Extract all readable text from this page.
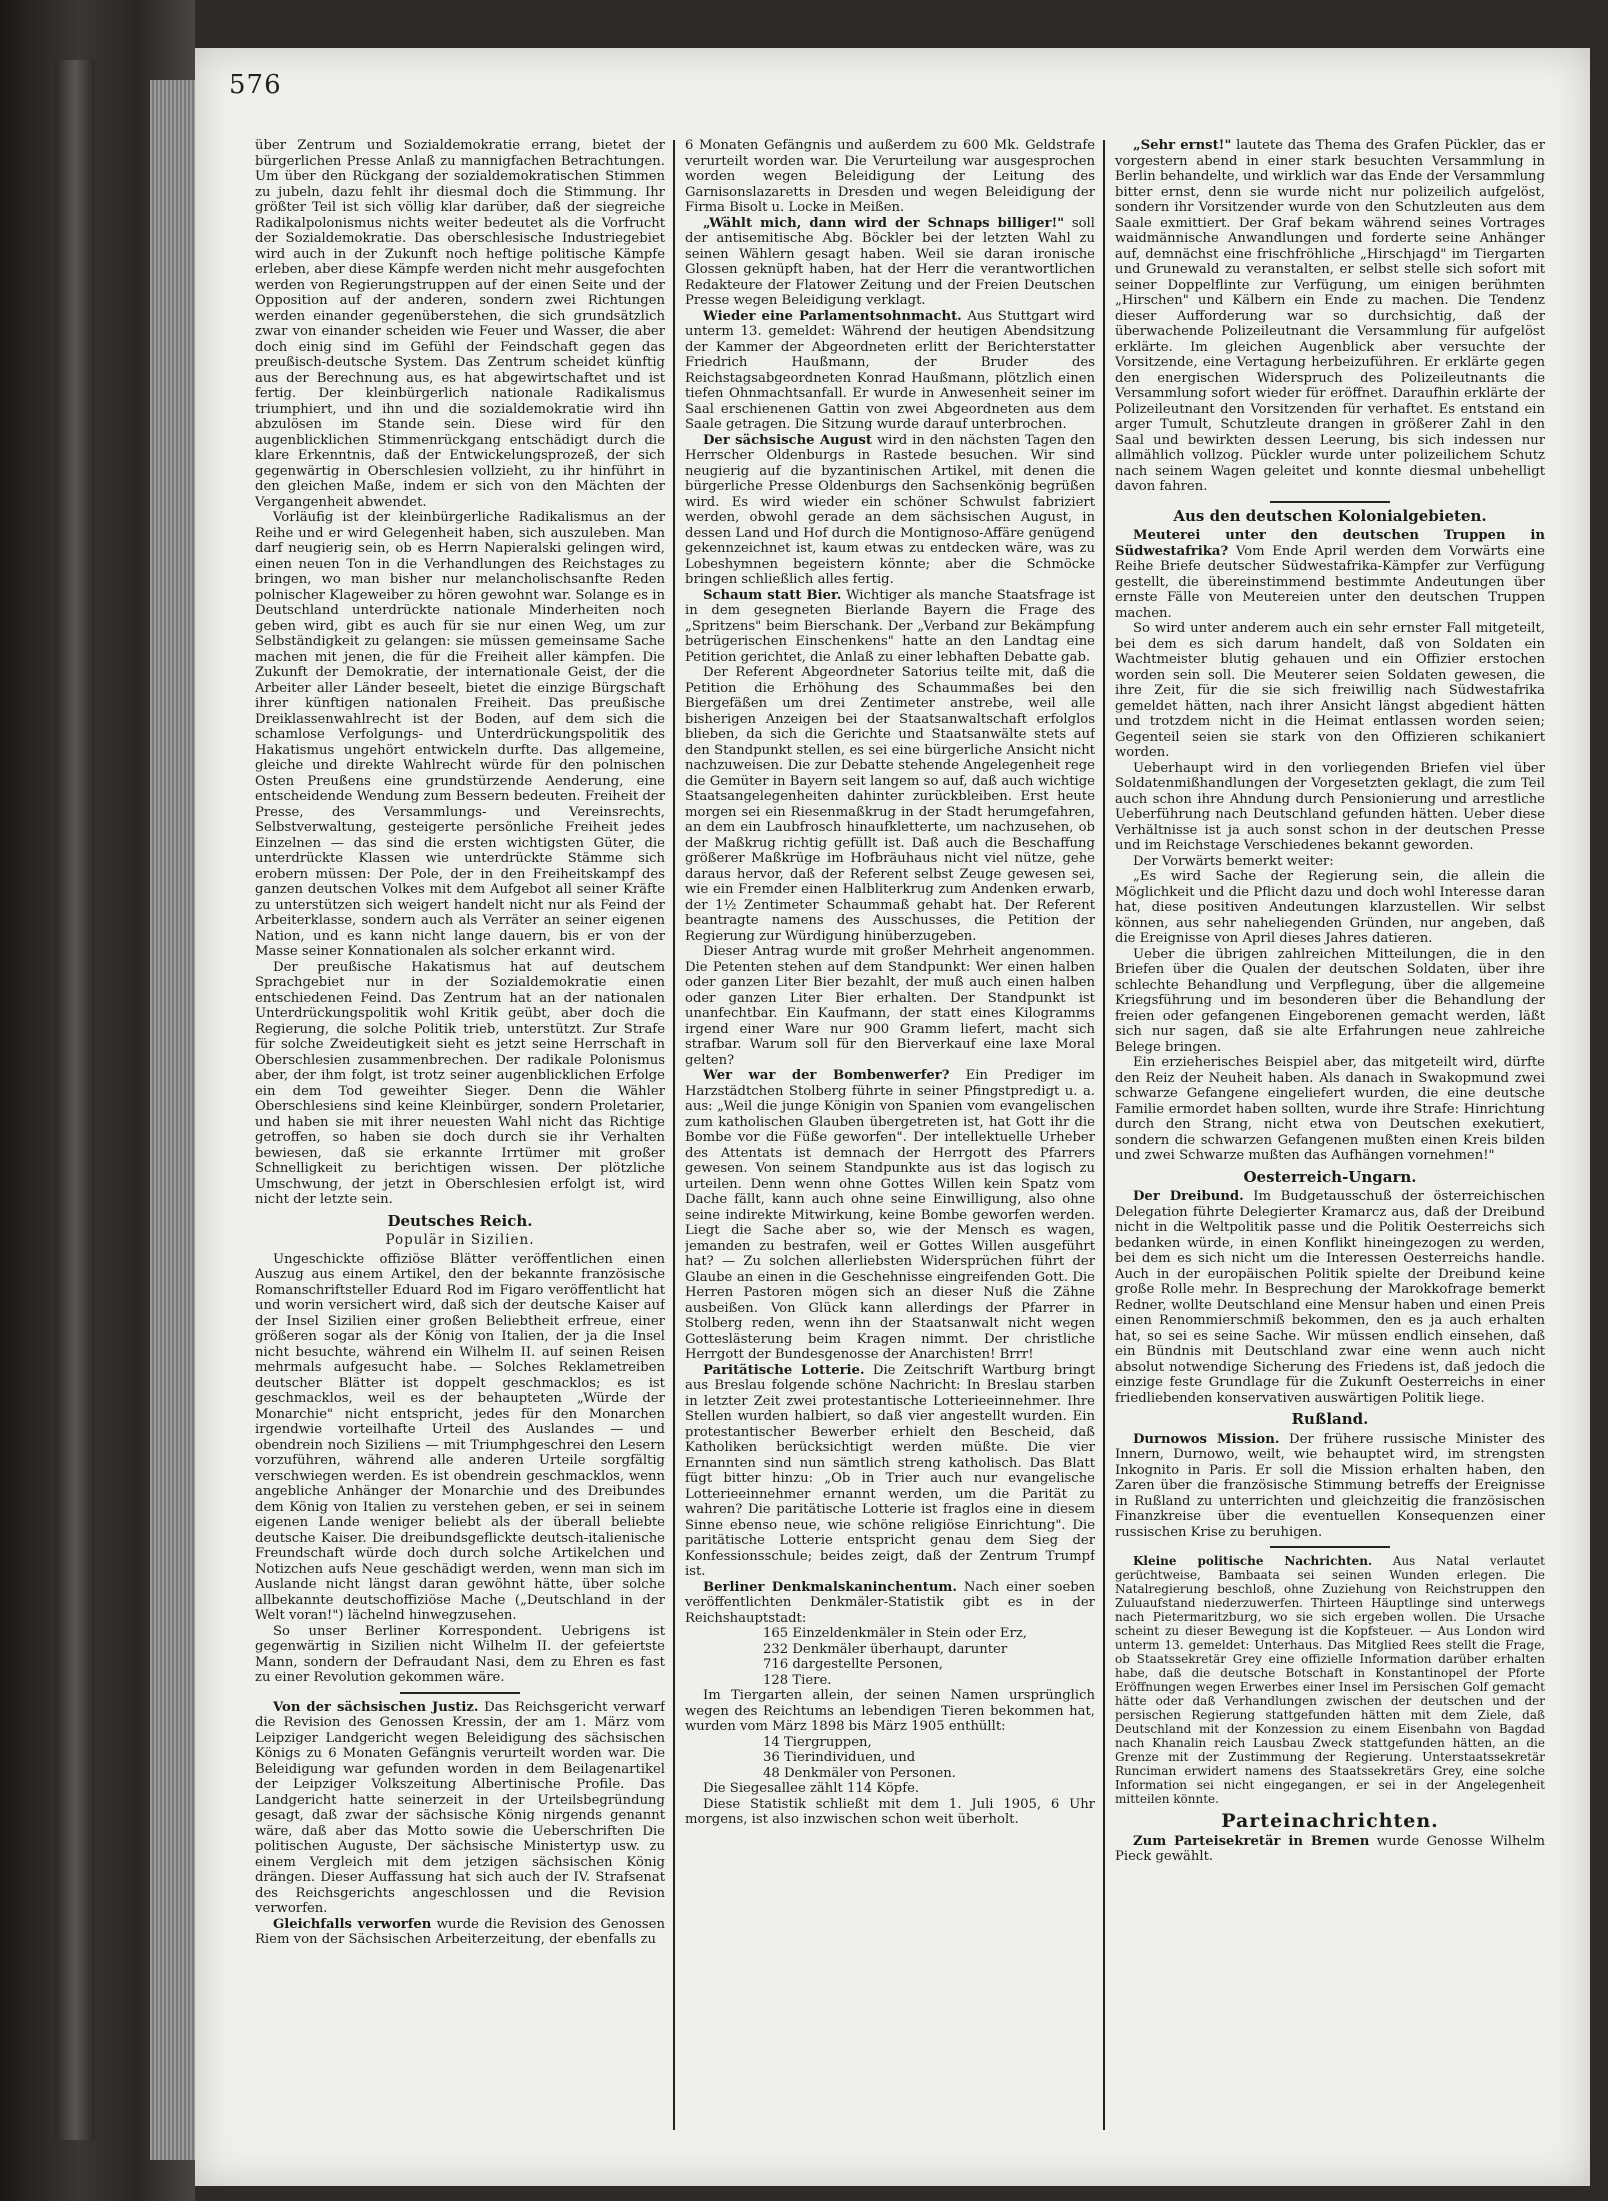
576

über Zentrum und Sozialdemokratie errang, bietet der bürgerlichen Presse Anlaß zu mannigfachen Betrachtungen. Um über den Rückgang der sozialdemokratischen Stimmen zu jubeln, dazu fehlt ihr diesmal doch die Stimmung. Ihr größter Teil ist sich völlig klar darüber, daß der siegreiche Radikalpolonismus nichts weiter bedeutet als die Vorfrucht der Sozialdemokratie. Das oberschlesische Industriegebiet wird auch in der Zukunft noch heftige politische Kämpfe erleben, aber diese Kämpfe werden nicht mehr ausgefochten werden von Regierungstruppen auf der einen Seite und der Opposition auf der anderen, sondern zwei Richtungen werden einander gegenüberstehen, die sich grundsätzlich zwar von einander scheiden wie Feuer und Wasser, die aber doch einig sind im Gefühl der Feindschaft gegen das preußisch-deutsche System. Das Zentrum scheidet künftig aus der Berechnung aus, es hat abgewirtschaftet und ist fertig. Der kleinbürgerlich nationale Radikalismus triumphiert, und ihn und die sozialdemokratie wird ihn abzulösen im Stande sein. Diese wird für den augenblicklichen Stimmenrückgang entschädigt durch die klare Erkenntnis, daß der Entwickelungsprozeß, der sich gegenwärtig in Oberschlesien vollzieht, zu ihr hinführt in den gleichen Maße, indem er sich von den Mächten der Vergangenheit abwendet.

Vorläufig ist der kleinbürgerliche Radikalismus an der Reihe und er wird Gelegenheit haben, sich auszuleben. Man darf neugierig sein, ob es Herrn Napieralski gelingen wird, einen neuen Ton in die Verhandlungen des Reichstages zu bringen, wo man bisher nur melancholischsanfte Reden polnischer Klageweiber zu hören gewohnt war. Solange es in Deutschland unterdrückte nationale Minderheiten noch geben wird, gibt es auch für sie nur einen Weg, um zur Selbständigkeit zu gelangen: sie müssen gemeinsame Sache machen mit jenen, die für die Freiheit aller kämpfen. Die Zukunft der Demokratie, der internationale Geist, der die Arbeiter aller Länder beseelt, bietet die einzige Bürgschaft ihrer künftigen nationalen Freiheit. Das preußische Dreiklassenwahlrecht ist der Boden, auf dem sich die schamlose Verfolgungs- und Unterdrückungspolitik des Hakatismus ungehört entwickeln durfte. Das allgemeine, gleiche und direkte Wahlrecht würde für den polnischen Osten Preußens eine grundstürzende Aenderung, eine entscheidende Wendung zum Bessern bedeuten. Freiheit der Presse, des Versammlungs- und Vereinsrechts, Selbstverwaltung, gesteigerte persönliche Freiheit jedes Einzelnen — das sind die ersten wichtigsten Güter, die unterdrückte Klassen wie unterdrückte Stämme sich erobern müssen: Der Pole, der in den Freiheitskampf des ganzen deutschen Volkes mit dem Aufgebot all seiner Kräfte zu unterstützen sich weigert handelt nicht nur als Feind der Arbeiterklasse, sondern auch als Verräter an seiner eigenen Nation, und es kann nicht lange dauern, bis er von der Masse seiner Konnationalen als solcher erkannt wird.

Der preußische Hakatismus hat auf deutschem Sprachgebiet nur in der Sozialdemokratie einen entschiedenen Feind. Das Zentrum hat an der nationalen Unterdrückungspolitik wohl Kritik geübt, aber doch die Regierung, die solche Politik trieb, unterstützt. Zur Strafe für solche Zweideutigkeit sieht es jetzt seine Herrschaft in Oberschlesien zusammenbrechen. Der radikale Polonismus aber, der ihm folgt, ist trotz seiner augenblicklichen Erfolge ein dem Tod geweihter Sieger. Denn die Wähler Oberschlesiens sind keine Kleinbürger, sondern Proletarier, und haben sie mit ihrer neuesten Wahl nicht das Richtige getroffen, so haben sie doch durch sie ihr Verhalten bewiesen, daß sie erkannte Irrtümer mit großer Schnelligkeit zu berichtigen wissen. Der plötzliche Umschwung, der jetzt in Oberschlesien erfolgt ist, wird nicht der letzte sein.

Deutsches Reich.
Populär in Sizilien.

Ungeschickte offiziöse Blätter veröffentlichen einen Auszug aus einem Artikel, den der bekannte französische Romanschriftsteller Eduard Rod im Figaro veröffentlicht hat und worin versichert wird, daß sich der deutsche Kaiser auf der Insel Sizilien einer großen Beliebtheit erfreue, einer größeren sogar als der König von Italien, der ja die Insel nicht besuchte, während ein Wilhelm II. auf seinen Reisen mehrmals aufgesucht habe. — Solches Reklametreiben deutscher Blätter ist doppelt geschmacklos; es ist geschmacklos, weil es der behaupteten „Würde der Monarchie" nicht entspricht, jedes für den Monarchen irgendwie vorteilhafte Urteil des Auslandes — und obendrein noch Siziliens — mit Triumphgeschrei den Lesern vorzuführen, während alle anderen Urteile sorgfältig verschwiegen werden. Es ist obendrein geschmacklos, wenn angebliche Anhänger der Monarchie und des Dreibundes dem König von Italien zu verstehen geben, er sei in seinem eigenen Lande weniger beliebt als der überall beliebte deutsche Kaiser. Die dreibundsgeflickte deutsch-italienische Freundschaft würde doch durch solche Artikelchen und Notizchen aufs Neue geschädigt werden, wenn man sich im Auslande nicht längst daran gewöhnt hätte, über solche allbekannte deutschoffiziöse Mache („Deutschland in der Welt voran!") lächelnd hinwegzusehen.

So unser Berliner Korrespondent. Uebrigens ist gegenwärtig in Sizilien nicht Wilhelm II. der gefeiertste Mann, sondern der Defraudant Nasi, dem zu Ehren es fast zu einer Revolution gekommen wäre.

Von der sächsischen Justiz. Das Reichsgericht verwarf die Revision des Genossen Kressin, der am 1. März vom Leipziger Landgericht wegen Beleidigung des sächsischen Königs zu 6 Monaten Gefängnis verurteilt worden war. Die Beleidigung war gefunden worden in dem Beilagenartikel der Leipziger Volkszeitung Albertinische Profile. Das Landgericht hatte seinerzeit in der Urteilsbegründung gesagt, daß zwar der sächsische König nirgends genannt wäre, daß aber das Motto sowie die Ueberschriften Die politischen Auguste, Der sächsische Ministertyp usw. zu einem Vergleich mit dem jetzigen sächsischen König drängen. Dieser Auffassung hat sich auch der IV. Strafsenat des Reichsgerichts angeschlossen und die Revision verworfen.

Gleichfalls verworfen wurde die Revision des Genossen Riem von der Sächsischen Arbeiterzeitung, der ebenfalls zu

6 Monaten Gefängnis und außerdem zu 600 Mk. Geldstrafe verurteilt worden war. Die Verurteilung war ausgesprochen worden wegen Beleidigung der Leitung des Garnisonslazaretts in Dresden und wegen Beleidigung der Firma Bisolt u. Locke in Meißen.

„Wählt mich, dann wird der Schnaps billiger!" soll der antisemitische Abg. Böckler bei der letzten Wahl zu seinen Wählern gesagt haben. Weil sie daran ironische Glossen geknüpft haben, hat der Herr die verantwortlichen Redakteure der Flatower Zeitung und der Freien Deutschen Presse wegen Beleidigung verklagt.

Wieder eine Parlamentsohnmacht. Aus Stuttgart wird unterm 13. gemeldet: Während der heutigen Abendsitzung der Kammer der Abgeordneten erlitt der Berichterstatter Friedrich Haußmann, der Bruder des Reichstagsabgeordneten Konrad Haußmann, plötzlich einen tiefen Ohnmachtsanfall. Er wurde in Anwesenheit seiner im Saal erschienenen Gattin von zwei Abgeordneten aus dem Saale getragen. Die Sitzung wurde darauf unterbrochen.

Der sächsische August wird in den nächsten Tagen den Herrscher Oldenburgs in Rastede besuchen. Wir sind neugierig auf die byzantinischen Artikel, mit denen die bürgerliche Presse Oldenburgs den Sachsenkönig begrüßen wird. Es wird wieder ein schöner Schwulst fabriziert werden, obwohl gerade an dem sächsischen August, in dessen Land und Hof durch die Montignoso-Affäre genügend gekennzeichnet ist, kaum etwas zu entdecken wäre, was zu Lobeshymnen begeistern könnte; aber die Schmöcke bringen schließlich alles fertig.

Schaum statt Bier. Wichtiger als manche Staatsfrage ist in dem gesegneten Bierlande Bayern die Frage des „Spritzens" beim Bierschank. Der „Verband zur Bekämpfung betrügerischen Einschenkens" hatte an den Landtag eine Petition gerichtet, die Anlaß zu einer lebhaften Debatte gab.

Der Referent Abgeordneter Satorius teilte mit, daß die Petition die Erhöhung des Schaummaßes bei den Biergefäßen um drei Zentimeter anstrebe, weil alle bisherigen Anzeigen bei der Staatsanwaltschaft erfolglos blieben, da sich die Gerichte und Staatsanwälte stets auf den Standpunkt stellen, es sei eine bürgerliche Ansicht nicht nachzuweisen. Die zur Debatte stehende Angelegenheit rege die Gemüter in Bayern seit langem so auf, daß auch wichtige Staatsangelegenheiten dahinter zurückbleiben. Erst heute morgen sei ein Riesenmaßkrug in der Stadt herumgefahren, an dem ein Laubfrosch hinaufkletterte, um nachzusehen, ob der Maßkrug richtig gefüllt ist. Daß auch die Beschaffung größerer Maßkrüge im Hofbräuhaus nicht viel nütze, gehe daraus hervor, daß der Referent selbst Zeuge gewesen sei, wie ein Fremder einen Halbliterkrug zum Andenken erwarb, der 1½ Zentimeter Schaummaß gehabt hat. Der Referent beantragte namens des Ausschusses, die Petition der Regierung zur Würdigung hinüberzugeben.

Dieser Antrag wurde mit großer Mehrheit angenommen. Die Petenten stehen auf dem Standpunkt: Wer einen halben oder ganzen Liter Bier bezahlt, der muß auch einen halben oder ganzen Liter Bier erhalten. Der Standpunkt ist unanfechtbar. Ein Kaufmann, der statt eines Kilogramms irgend einer Ware nur 900 Gramm liefert, macht sich strafbar. Warum soll für den Bierverkauf eine laxe Moral gelten?

Wer war der Bombenwerfer? Ein Prediger im Harzstädtchen Stolberg führte in seiner Pfingstpredigt u. a. aus: „Weil die junge Königin von Spanien vom evangelischen zum katholischen Glauben übergetreten ist, hat Gott ihr die Bombe vor die Füße geworfen". Der intellektuelle Urheber des Attentats ist demnach der Herrgott des Pfarrers gewesen. Von seinem Standpunkte aus ist das logisch zu urteilen. Denn wenn ohne Gottes Willen kein Spatz vom Dache fällt, kann auch ohne seine Einwilligung, also ohne seine indirekte Mitwirkung, keine Bombe geworfen werden. Liegt die Sache aber so, wie der Mensch es wagen, jemanden zu bestrafen, weil er Gottes Willen ausgeführt hat? — Zu solchen allerliebsten Widersprüchen führt der Glaube an einen in die Geschehnisse eingreifenden Gott. Die Herren Pastoren mögen sich an dieser Nuß die Zähne ausbeißen. Von Glück kann allerdings der Pfarrer in Stolberg reden, wenn ihn der Staatsanwalt nicht wegen Gotteslästerung beim Kragen nimmt. Der christliche Herrgott der Bundesgenosse der Anarchisten! Brrr!

Paritätische Lotterie. Die Zeitschrift Wartburg bringt aus Breslau folgende schöne Nachricht: In Breslau starben in letzter Zeit zwei protestantische Lotterieeinnehmer. Ihre Stellen wurden halbiert, so daß vier angestellt wurden. Ein protestantischer Bewerber erhielt den Bescheid, daß Katholiken berücksichtigt werden müßte. Die vier Ernannten sind nun sämtlich streng katholisch. Das Blatt fügt bitter hinzu: „Ob in Trier auch nur evangelische Lotterieeinnehmer ernannt werden, um die Parität zu wahren? Die paritätische Lotterie ist fraglos eine in diesem Sinne ebenso neue, wie schöne religiöse Einrichtung". Die paritätische Lotterie entspricht genau dem Sieg der Konfessionsschule; beides zeigt, daß der Zentrum Trumpf ist.

Berliner Denkmalskaninchentum. Nach einer soeben veröffentlichten Denkmäler-Statistik gibt es in der Reichshauptstadt:

165 Einzeldenkmäler in Stein oder Erz,

232 Denkmäler überhaupt, darunter

716 dargestellte Personen,

128 Tiere.

Im Tiergarten allein, der seinen Namen ursprünglich wegen des Reichtums an lebendigen Tieren bekommen hat, wurden vom März 1898 bis März 1905 enthüllt:

14 Tiergruppen,

36 Tierindividuen, und

48 Denkmäler von Personen.

Die Siegesallee zählt 114 Köpfe.

Diese Statistik schließt mit dem 1. Juli 1905, 6 Uhr morgens, ist also inzwischen schon weit überholt.

„Sehr ernst!" lautete das Thema des Grafen Pückler, das er vorgestern abend in einer stark besuchten Versammlung in Berlin behandelte, und wirklich war das Ende der Versammlung bitter ernst, denn sie wurde nicht nur polizeilich aufgelöst, sondern ihr Vorsitzender wurde von den Schutzleuten aus dem Saale exmittiert. Der Graf bekam während seines Vortrages waidmännische Anwandlungen und forderte seine Anhänger auf, demnächst eine frischfröhliche „Hirschjagd" im Tiergarten und Grunewald zu veranstalten, er selbst stelle sich sofort mit seiner Doppelflinte zur Verfügung, um einigen berühmten „Hirschen" und Kälbern ein Ende zu machen. Die Tendenz dieser Aufforderung war so durchsichtig, daß der überwachende Polizeileutnant die Versammlung für aufgelöst erklärte. Im gleichen Augenblick aber versuchte der Vorsitzende, eine Vertagung herbeizuführen. Er erklärte gegen den energischen Widerspruch des Polizeileutnants die Versammlung sofort wieder für eröffnet. Daraufhin erklärte der Polizeileutnant den Vorsitzenden für verhaftet. Es entstand ein arger Tumult, Schutzleute drangen in größerer Zahl in den Saal und bewirkten dessen Leerung, bis sich indessen nur allmählich vollzog. Pückler wurde unter polizeilichem Schutz nach seinem Wagen geleitet und konnte diesmal unbehelligt davon fahren.

Aus den deutschen Kolonialgebieten.

Meuterei unter den deutschen Truppen in Südwestafrika? Vom Ende April werden dem Vorwärts eine Reihe Briefe deutscher Südwestafrika-Kämpfer zur Verfügung gestellt, die übereinstimmend bestimmte Andeutungen über ernste Fälle von Meutereien unter den deutschen Truppen machen.

So wird unter anderem auch ein sehr ernster Fall mitgeteilt, bei dem es sich darum handelt, daß von Soldaten ein Wachtmeister blutig gehauen und ein Offizier erstochen worden sein soll. Die Meuterer seien Soldaten gewesen, die ihre Zeit, für die sie sich freiwillig nach Südwestafrika gemeldet hätten, nach ihrer Ansicht längst abgedient hätten und trotzdem nicht in die Heimat entlassen worden seien; Gegenteil seien sie stark von den Offizieren schikaniert worden.

Ueberhaupt wird in den vorliegenden Briefen viel über Soldatenmißhandlungen der Vorgesetzten geklagt, die zum Teil auch schon ihre Ahndung durch Pensionierung und arrestliche Ueberführung nach Deutschland gefunden hätten. Ueber diese Verhältnisse ist ja auch sonst schon in der deutschen Presse und im Reichstage Verschiedenes bekannt geworden.

Der Vorwärts bemerkt weiter:

„Es wird Sache der Regierung sein, die allein die Möglichkeit und die Pflicht dazu und doch wohl Interesse daran hat, diese positiven Andeutungen klarzustellen. Wir selbst können, aus sehr naheliegenden Gründen, nur angeben, daß die Ereignisse von April dieses Jahres datieren.

Ueber die übrigen zahlreichen Mitteilungen, die in den Briefen über die Qualen der deutschen Soldaten, über ihre schlechte Behandlung und Verpflegung, über die allgemeine Kriegsführung und im besonderen über die Behandlung der freien oder gefangenen Eingeborenen gemacht werden, läßt sich nur sagen, daß sie alte Erfahrungen neue zahlreiche Belege bringen.

Ein erzieherisches Beispiel aber, das mitgeteilt wird, dürfte den Reiz der Neuheit haben. Als danach in Swakopmund zwei schwarze Gefangene eingeliefert wurden, die eine deutsche Familie ermordet haben sollten, wurde ihre Strafe: Hinrichtung durch den Strang, nicht etwa von Deutschen exekutiert, sondern die schwarzen Gefangenen mußten einen Kreis bilden und zwei Schwarze mußten das Aufhängen vornehmen!"

Oesterreich-Ungarn.

Der Dreibund. Im Budgetausschuß der österreichischen Delegation führte Delegierter Kramarcz aus, daß der Dreibund nicht in die Weltpolitik passe und die Politik Oesterreichs sich bedanken würde, in einen Konflikt hineingezogen zu werden, bei dem es sich nicht um die Interessen Oesterreichs handle. Auch in der europäischen Politik spielte der Dreibund keine große Rolle mehr. In Besprechung der Marokkofrage bemerkt Redner, wollte Deutschland eine Mensur haben und einen Preis einen Renommierschmiß bekommen, den es ja auch erhalten hat, so sei es seine Sache. Wir müssen endlich einsehen, daß ein Bündnis mit Deutschland zwar eine wenn auch nicht absolut notwendige Sicherung des Friedens ist, daß jedoch die einzige feste Grundlage für die Zukunft Oesterreichs in einer friedliebenden konservativen auswärtigen Politik liege.

Rußland.

Durnowos Mission. Der frühere russische Minister des Innern, Durnowo, weilt, wie behauptet wird, im strengsten Inkognito in Paris. Er soll die Mission erhalten haben, den Zaren über die französische Stimmung betreffs der Ereignisse in Rußland zu unterrichten und gleichzeitig die französischen Finanzkreise über die eventuellen Konsequenzen einer russischen Krise zu beruhigen.

Kleine politische Nachrichten. Aus Natal verlautet gerüchtweise, Bambaata sei seinen Wunden erlegen. Die Natalregierung beschloß, ohne Zuziehung von Reichstruppen den Zuluaufstand niederzuwerfen. Thirteen Häuptlinge sind unterwegs nach Pietermaritzburg, wo sie sich ergeben wollen. Die Ursache scheint zu dieser Bewegung ist die Kopfsteuer. — Aus London wird unterm 13. gemeldet: Unterhaus. Das Mitglied Rees stellt die Frage, ob Staatssekretär Grey eine offizielle Information darüber erhalten habe, daß die deutsche Botschaft in Konstantinopel der Pforte Eröffnungen wegen Erwerbes einer Insel im Persischen Golf gemacht hätte oder daß Verhandlungen zwischen der deutschen und der persischen Regierung stattgefunden hätten mit dem Ziele, daß Deutschland mit der Konzession zu einem Eisenbahn von Bagdad nach Khanalin reich Lausbau Zweck stattgefunden hätten, an die Grenze mit der Zustimmung der Regierung. Unterstaatssekretär Runciman erwidert namens des Staatssekretärs Grey, eine solche Information sei nicht eingegangen, er sei in der Angelegenheit mitteilen könnte.

Parteinachrichten.

Zum Parteisekretär in Bremen wurde Genosse Wilhelm Pieck gewählt.
